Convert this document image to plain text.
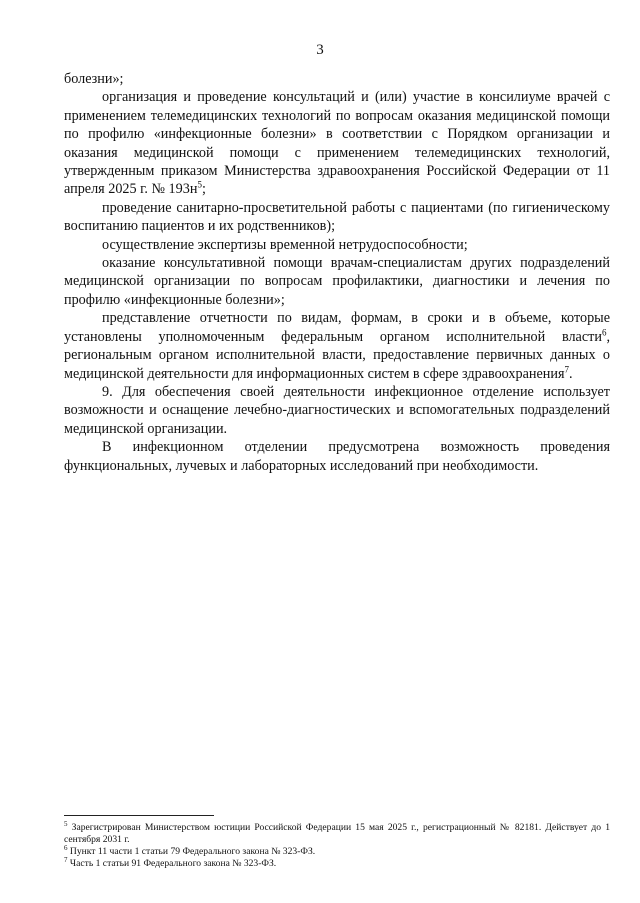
3

болезни»;

организация и проведение консультаций и (или) участие в консилиуме врачей с применением телемедицинских технологий по вопросам оказания медицинской помощи по профилю «инфекционные болезни» в соответствии с Порядком организации и оказания медицинской помощи с применением телемедицинских технологий, утвержденным приказом Министерства здравоохранения Российской Федерации от 11 апреля 2025 г. № $193н^5$;

проведение санитарно-просветительной работы с пациентами (по гигиеническому воспитанию пациентов и их родственников);

осуществление экспертизы временной нетрудоспособности;

оказание консультативной помощи врачам-специалистам других подразделений медицинской организации по вопросам профилактики, диагностики и лечения по профилю «инфекционные болезни»;

представление отчетности по видам, формам, в сроки и в объеме, которые установлены уполномоченным федеральным органом исполнительной власти$^6$, региональным органом исполнительной власти, предоставление первичных данных о медицинской деятельности для информационных систем в сфере здравоохранения$^7$.

9. Для обеспечения своей деятельности инфекционное отделение использует возможности и оснащение лечебно-диагностических и вспомогательных подразделений медицинской организации.

В инфекционном отделении предусмотрена возможность проведения функциональных, лучевых и лабораторных исследований при необходимости.

$^5$ Зарегистрирован Министерством юстиции Российской Федерации 15 мая 2025 г., регистрационный № 82181. Действует до 1 сентября 2031 г.

$^6$ Пункт 11 части 1 статьи 79 Федерального закона № 323-ФЗ.

$^7$ Часть 1 статьи 91 Федерального закона № 323-ФЗ.
